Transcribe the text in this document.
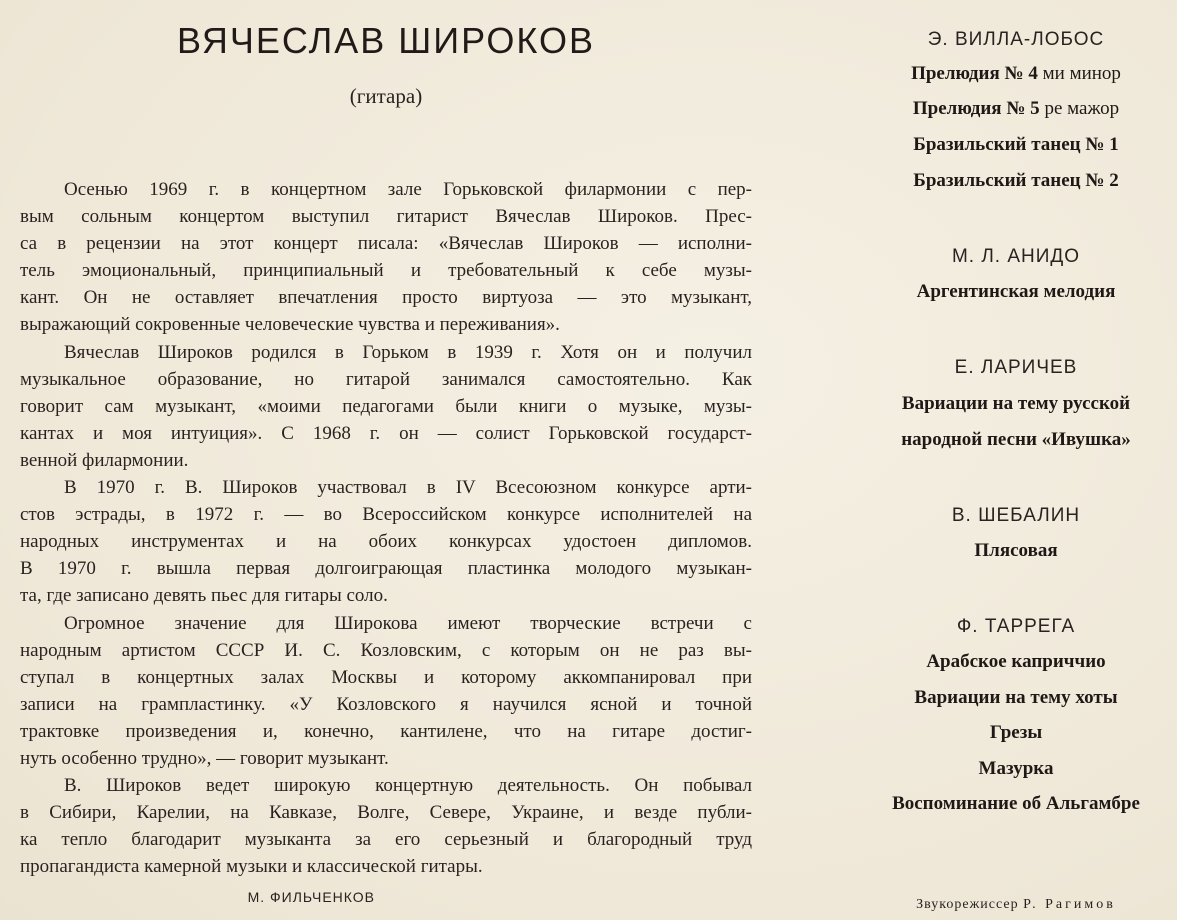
ВЯЧЕСЛАВ ШИРОКОВ
(гитара)
Осенью 1969 г. в концертном зале Горьковской филармонии с пер-
вым сольным концертом выступил гитарист Вячеслав Широков. Прес-
са в рецензии на этот концерт писала: «Вячеслав Широков — исполни-
тель эмоциональный, принципиальный и требовательный к себе музы-
кант. Он не оставляет впечатления просто виртуоза — это музыкант,
выражающий сокровенные человеческие чувства и переживания».
Вячеслав Широков родился в Горьком в 1939 г. Хотя он и получил
музыкальное образование, но гитарой занимался самостоятельно. Как
говорит сам музыкант, «моими педагогами были книги о музыке, музы-
кантах и моя интуиция». С 1968 г. он — солист Горьковской государст-
венной филармонии.
В 1970 г. В. Широков участвовал в IV Всесоюзном конкурсе арти-
стов эстрады, в 1972 г. — во Всероссийском конкурсе исполнителей на
народных инструментах и на обоих конкурсах удостоен дипломов.
В 1970 г. вышла первая долгоиграющая пластинка молодого музыкан-
та, где записано девять пьес для гитары соло.
Огромное значение для Широкова имеют творческие встречи с
народным артистом СССР И. С. Козловским, с которым он не раз вы-
ступал в концертных залах Москвы и которому аккомпанировал при
записи на грампластинку. «У Козловского я научился ясной и точной
трактовке произведения и, конечно, кантилене, что на гитаре достиг-
нуть особенно трудно», — говорит музыкант.
В. Широков ведет широкую концертную деятельность. Он побывал
в Сибири, Карелии, на Кавказе, Волге, Севере, Украине, и везде публи-
ка тепло благодарит музыканта за его серьезный и благородный труд
пропагандиста камерной музыки и классической гитары.
М. ФИЛЬЧЕНКОВ
Э. ВИЛЛА-ЛОБОС
Прелюдия № 4 ми минор
Прелюдия № 5 ре мажор
Бразильский танец № 1
Бразильский танец № 2
М. Л. АНИДО
Аргентинская мелодия
Е. ЛАРИЧЕВ
Вариации на тему русской
народной песни «Ивушка»
В. ШЕБАЛИН
Плясовая
Ф. ТАРРЕГА
Арабское каприччио
Вариации на тему хоты
Грезы
Мазурка
Воспоминание об Альгамбре
Звукорежиссер Р. Рагимов
